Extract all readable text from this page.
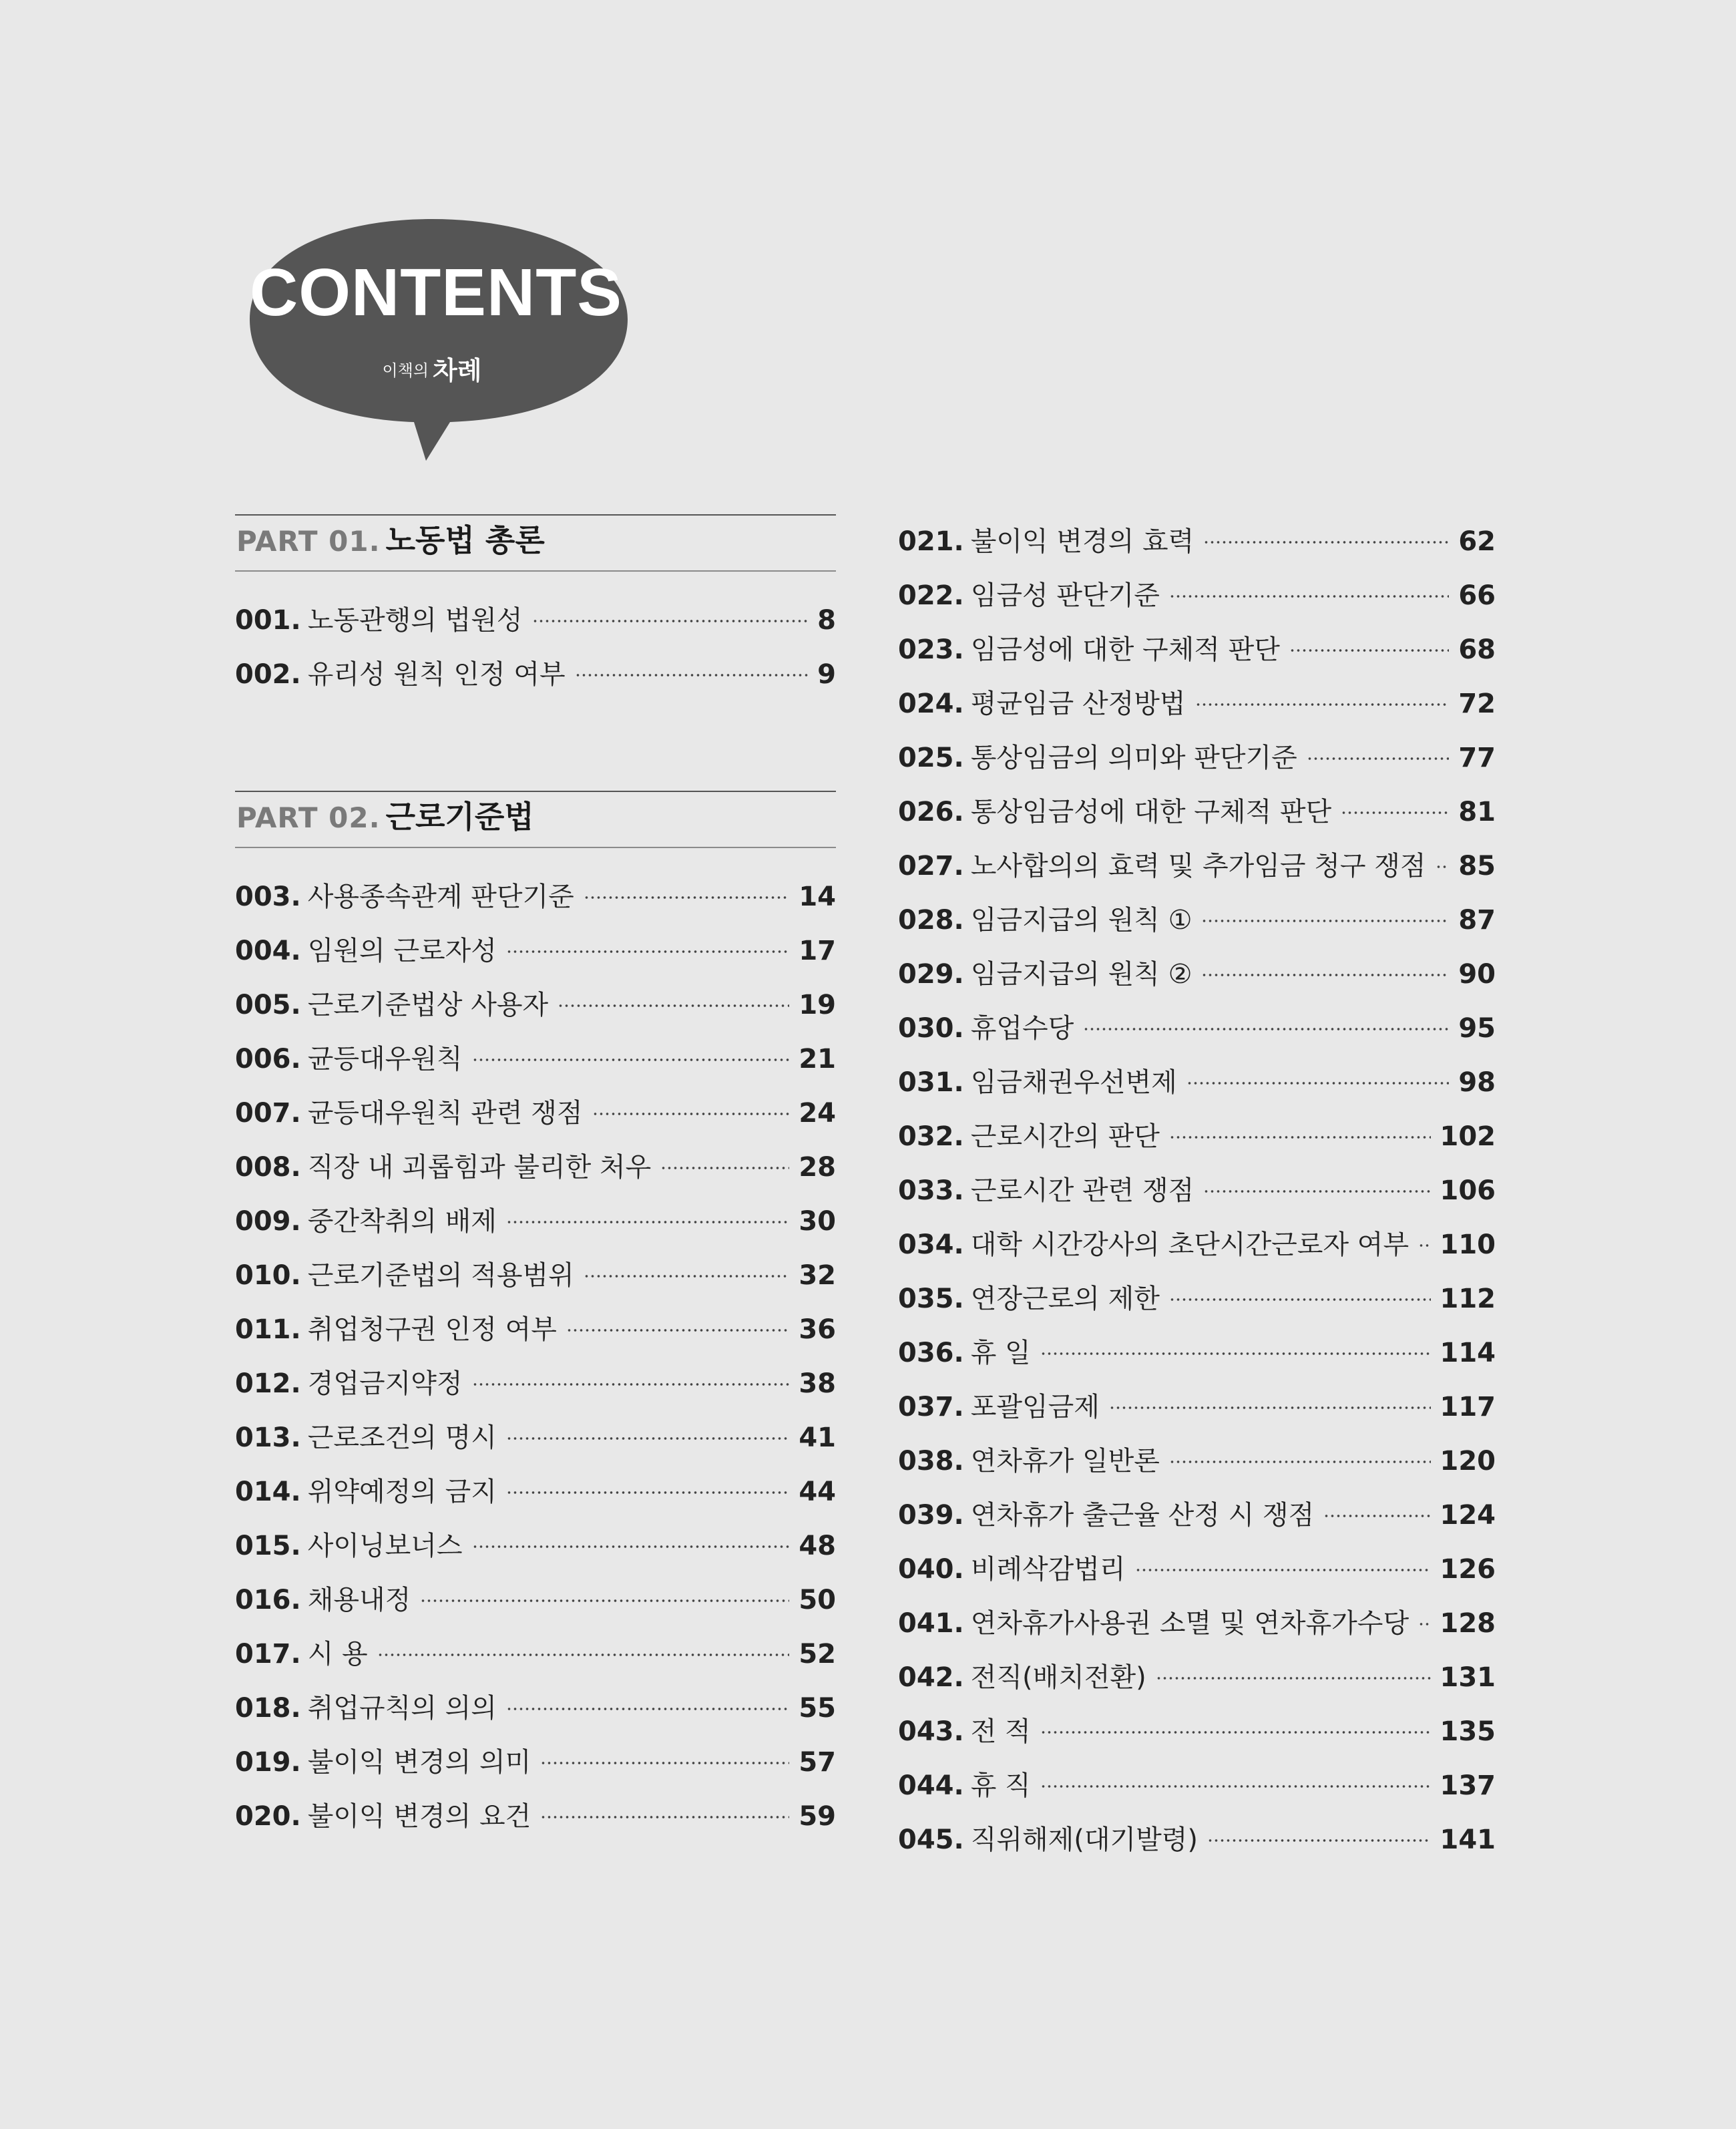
CONTENTS
이책의 차례
PART 01. 노동법 총론
001. 노동관행의 법원성	8
002. 유리성 원칙 인정 여부	9
PART 02. 근로기준법
003. 사용종속관계 판단기준	14
004. 임원의 근로자성	17
005. 근로기준법상 사용자	19
006. 균등대우원칙	21
007. 균등대우원칙 관련 쟁점	24
008. 직장 내 괴롭힘과 불리한 처우	28
009. 중간착취의 배제	30
010. 근로기준법의 적용범위	32
011. 취업청구권 인정 여부	36
012. 경업금지약정	38
013. 근로조건의 명시	41
014. 위약예정의 금지	44
015. 사이닝보너스	48
016. 채용내정	50
017. 시 용	52
018. 취업규칙의 의의	55
019. 불이익 변경의 의미	57
020. 불이익 변경의 요건	59
021. 불이익 변경의 효력	62
022. 임금성 판단기준	66
023. 임금성에 대한 구체적 판단	68
024. 평균임금 산정방법	72
025. 통상임금의 의미와 판단기준	77
026. 통상임금성에 대한 구체적 판단	81
027. 노사합의의 효력 및 추가임금 청구 쟁점 85
028. 임금지급의 원칙 ①	87
029. 임금지급의 원칙 ②	90
030. 휴업수당	95
031. 임금채권우선변제	98
032. 근로시간의 판단	102
033. 근로시간 관련 쟁점	106
034. 대학 시간강사의 초단시간근로자 여부 110
035. 연장근로의 제한	112
036. 휴 일	114
037. 포괄임금제	117
038. 연차휴가 일반론	120
039. 연차휴가 출근율 산정 시 쟁점	124
040. 비례삭감법리	126
041. 연차휴가사용권 소멸 및 연차휴가수당 128
042. 전직(배치전환)	131
043. 전 적	135
044. 휴 직	137
045. 직위해제(대기발령)	141
